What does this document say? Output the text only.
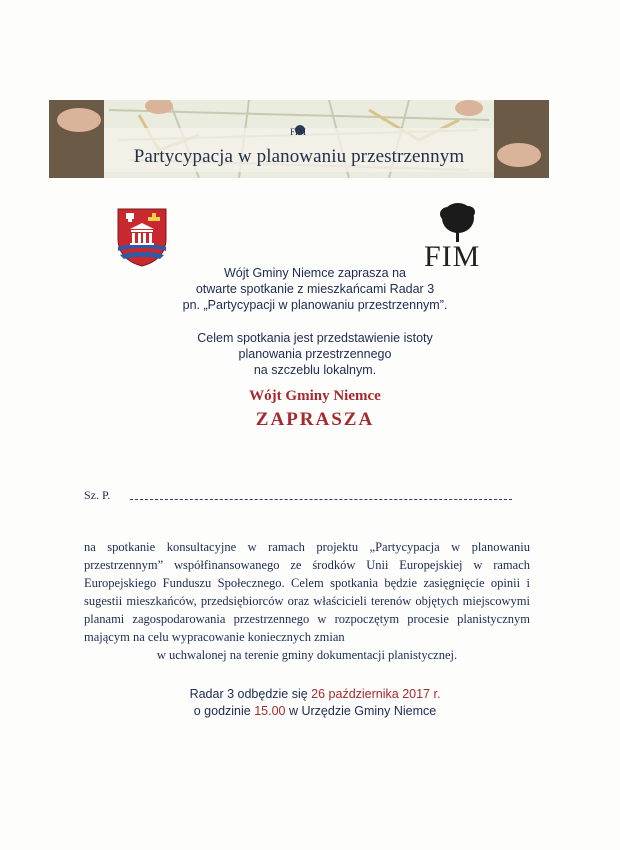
Partycypacja w planowaniu przestrzennym
FIM
FIM
Wójt Gminy Niemce zaprasza na
otwarte spotkanie z mieszkańcami Radar 3
pn. „Partycypacji w planowaniu przestrzennym”.
Celem spotkania jest przedstawienie istoty
planowania przestrzennego
na szczeblu lokalnym.
Wójt Gminy Niemce
ZAPRASZA
Sz. P.
na spotkanie konsultacyjne w ramach projektu „Partycypacja w planowaniu przestrzennym” współfinansowanego ze środków Unii Europejskiej w ramach Europejskiego Funduszu Społecznego. Celem spotkania będzie zasięgnięcie opinii i sugestii mieszkańców, przedsiębiorców oraz właścicieli terenów objętych miejscowymi planami zagospodarowania przestrzennego w rozpoczętym procesie planistycznym mającym na celu wypracowanie koniecznych zmian
w uchwalonej na terenie gminy dokumentacji planistycznej.
Radar 3 odbędzie się 26 października 2017 r.
o godzinie 15.00 w Urzędzie Gminy Niemce
